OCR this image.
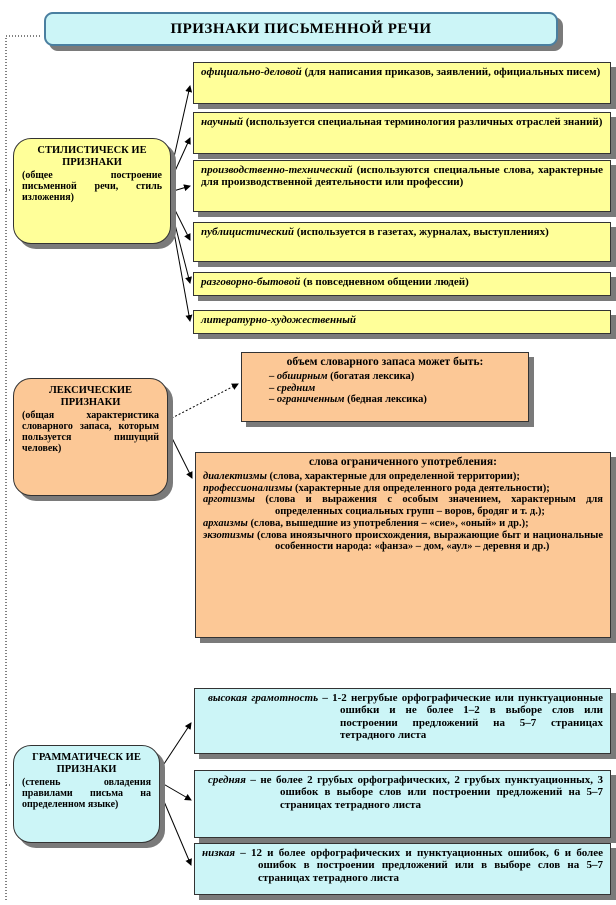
ПРИЗНАКИ ПИСЬМЕННОЙ РЕЧИ
СТИЛИСТИЧЕСК ИЕ ПРИЗНАКИ
(общее построение письменной речи, стиль изложения)
официально-деловой (для написания приказов, заявлений, официальных писем)
научный (используется специальная терминология различных отраслей знаний)
производственно-технический (используются специальные слова, характерные для производственной деятельности или профессии)
публицистический (используется в газетах, журналах, выступлениях)
разговорно-бытовой (в повседневном общении людей)
литературно-художественный
ЛЕКСИЧЕСКИЕ ПРИЗНАКИ
(общая характеристика словарного запаса, которым пользуется пишущий человек)
объем словарного запаса может быть:
– обширным (богатая лексика)
– средним
– ограниченным (бедная лексика)
слова ограниченного употребления:

диалектизмы (слова, характерные для определенной территории);

профессионализмы (характерные для определенного рода деятельности);

арготизмы (слова и выражения с особым значением, характерным для определенных социальных групп – воров, бродяг и т. д.);

архаизмы (слова, вышедшие из употребления – «сие», «оный» и др.);

экзотизмы (слова иноязычного происхождения, выражающие быт и национальные особенности народа: «фанза» – дом, «аул» – деревня и др.)

ГРАММАТИЧЕСК ИЕ ПРИЗНАКИ
(степень овладения правилами письма на определенном языке)
высокая грамотность – 1-2 негрубые орфографические или пунктуационные ошибки и не более 1–2 в выборе слов или построении предложений на 5–7 страницах тетрадного листа
средняя – не более 2 грубых орфографических, 2 грубых пунктуационных, 3 ошибок в выборе слов или построении предложений на 5–7 страницах тетрадного листа
низкая – 12 и более орфографических и пунктуационных ошибок, 6 и более ошибок в построении предложений или в выборе слов на 5–7 страницах тетрадного листа
